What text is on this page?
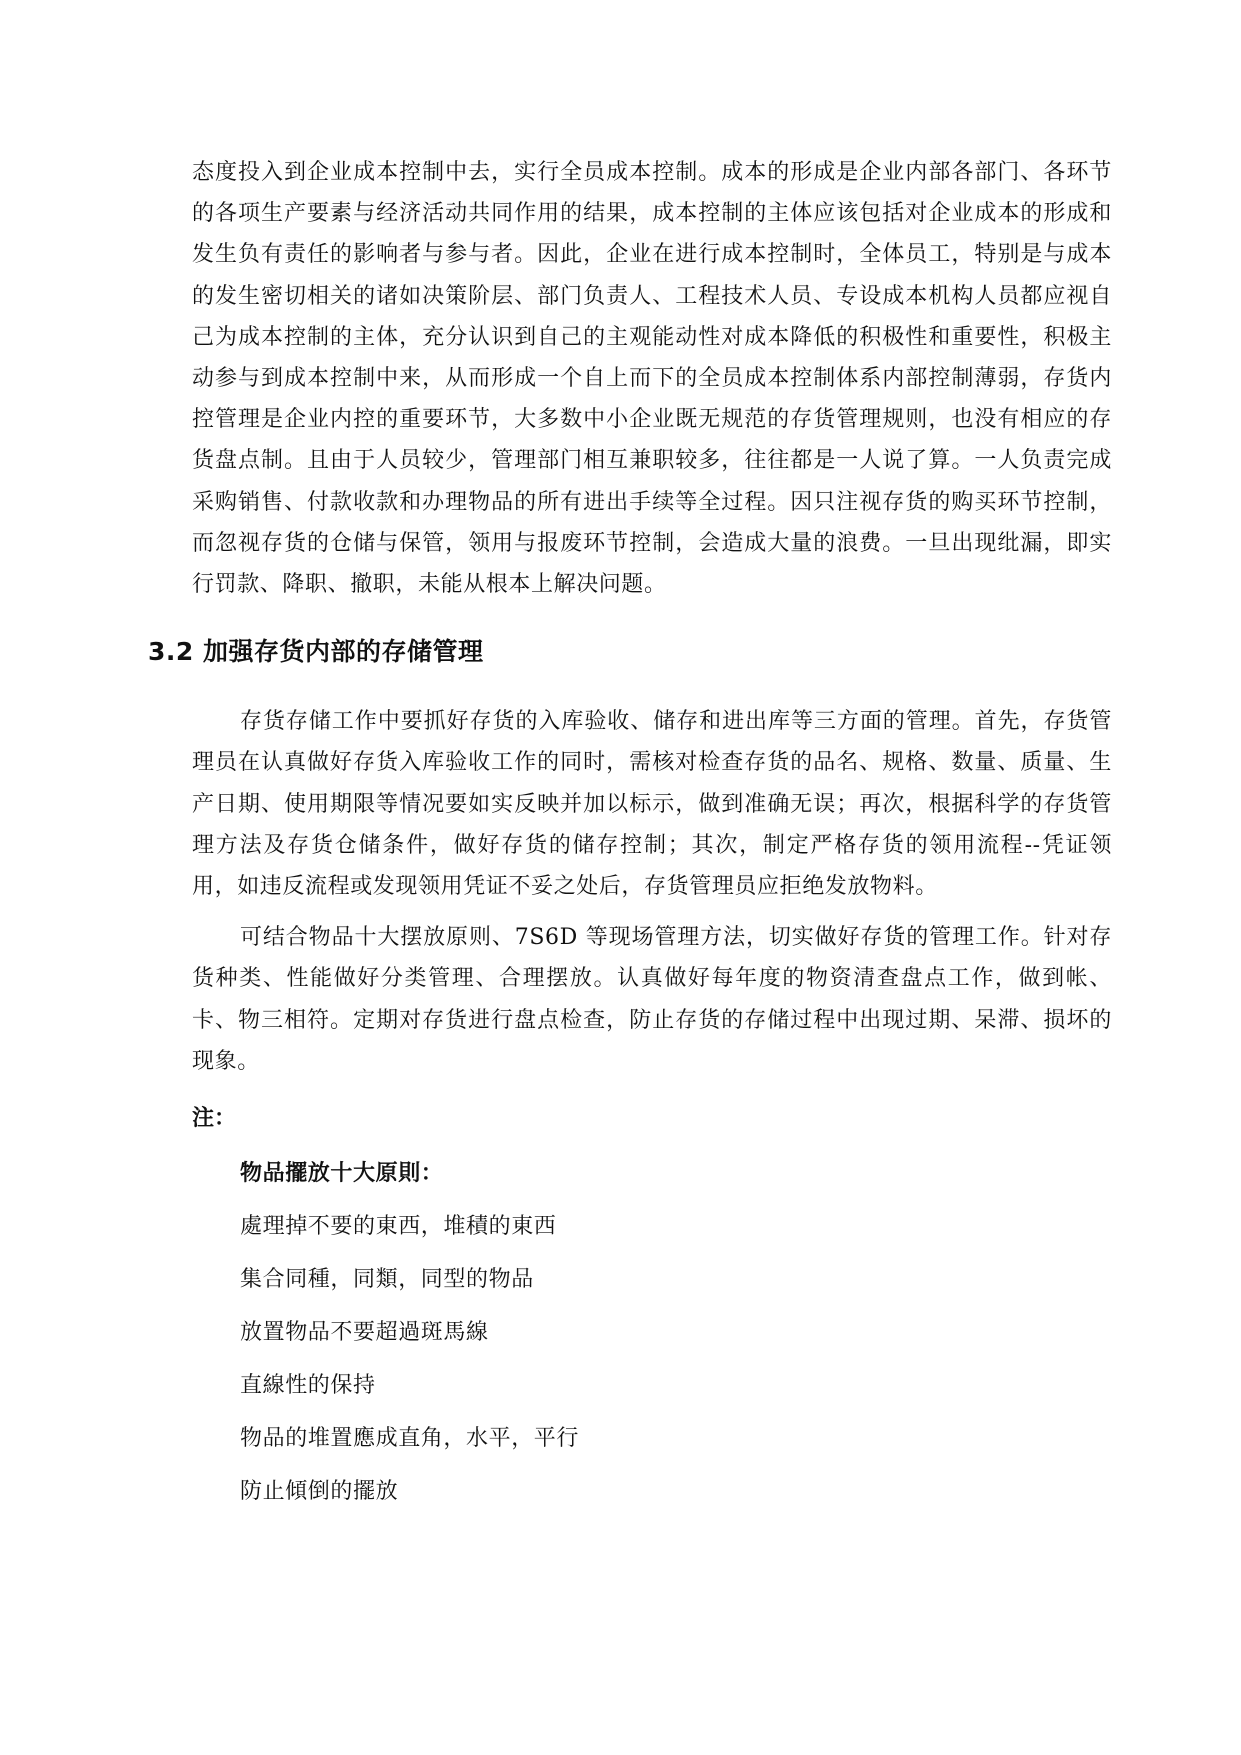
态度投入到企业成本控制中去，实行全员成本控制。成本的形成是企业内部各部门、各环节的各项生产要素与经济活动共同作用的结果，成本控制的主体应该包括对企业成本的形成和发生负有责任的影响者与参与者。因此，企业在进行成本控制时，全体员工，特别是与成本的发生密切相关的诸如决策阶层、部门负责人、工程技术人员、专设成本机构人员都应视自己为成本控制的主体，充分认识到自己的主观能动性对成本降低的积极性和重要性，积极主动参与到成本控制中来，从而形成一个自上而下的全员成本控制体系内部控制薄弱，存货内控管理是企业内控的重要环节，大多数中小企业既无规范的存货管理规则，也没有相应的存货盘点制。且由于人员较少，管理部门相互兼职较多，往往都是一人说了算。一人负责完成采购销售、付款收款和办理物品的所有进出手续等全过程。因只注视存货的购买环节控制，而忽视存货的仓储与保管，领用与报废环节控制，会造成大量的浪费。一旦出现纰漏，即实行罚款、降职、撤职，未能从根本上解决问题。

3.2 加强存货内部的存储管理

存货存储工作中要抓好存货的入库验收、储存和进出库等三方面的管理。首先，存货管理员在认真做好存货入库验收工作的同时，需核对检查存货的品名、规格、数量、质量、生产日期、使用期限等情况要如实反映并加以标示，做到准确无误；再次，根据科学的存货管理方法及存货仓储条件，做好存货的储存控制；其次，制定严格存货的领用流程--凭证领用，如违反流程或发现领用凭证不妥之处后，存货管理员应拒绝发放物料。

可结合物品十大摆放原则、7S6D 等现场管理方法，切实做好存货的管理工作。针对存货种类、性能做好分类管理、合理摆放。认真做好每年度的物资清查盘点工作，做到帐、卡、物三相符。定期对存货进行盘点检查，防止存货的存储过程中出现过期、呆滞、损坏的现象。

注：
物品擺放十大原則：
處理掉不要的東西，堆積的東西
集合同種，同類，同型的物品
放置物品不要超過斑馬線
直線性的保持
物品的堆置應成直角，水平，平行
防止傾倒的擺放
